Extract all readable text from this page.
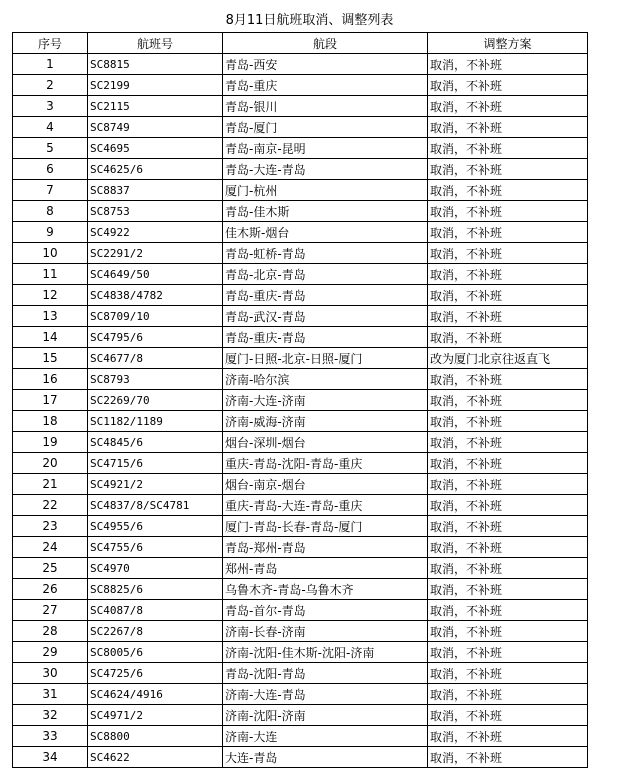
8月11日航班取消、调整列表
序号	航班号	航段	调整方案
1	SC8815	青岛-西安	取消，不补班
2	SC2199	青岛-重庆	取消，不补班
3	SC2115	青岛-银川	取消，不补班
4	SC8749	青岛-厦门	取消，不补班
5	SC4695	青岛-南京-昆明	取消，不补班
6	SC4625/6	青岛-大连-青岛	取消，不补班
7	SC8837	厦门-杭州	取消，不补班
8	SC8753	青岛-佳木斯	取消，不补班
9	SC4922	佳木斯-烟台	取消，不补班
10	SC2291/2	青岛-虹桥-青岛	取消，不补班
11	SC4649/50	青岛-北京-青岛	取消，不补班
12	SC4838/4782	青岛-重庆-青岛	取消，不补班
13	SC8709/10	青岛-武汉-青岛	取消，不补班
14	SC4795/6	青岛-重庆-青岛	取消，不补班
15	SC4677/8	厦门-日照-北京-日照-厦门	改为厦门北京往返直飞
16	SC8793	济南-哈尔滨	取消，不补班
17	SC2269/70	济南-大连-济南	取消，不补班
18	SC1182/1189	济南-威海-济南	取消，不补班
19	SC4845/6	烟台-深圳-烟台	取消，不补班
20	SC4715/6	重庆-青岛-沈阳-青岛-重庆	取消，不补班
21	SC4921/2	烟台-南京-烟台	取消，不补班
22	SC4837/8/SC4781	重庆-青岛-大连-青岛-重庆	取消，不补班
23	SC4955/6	厦门-青岛-长春-青岛-厦门	取消，不补班
24	SC4755/6	青岛-郑州-青岛	取消，不补班
25	SC4970	郑州-青岛	取消，不补班
26	SC8825/6	乌鲁木齐-青岛-乌鲁木齐	取消，不补班
27	SC4087/8	青岛-首尔-青岛	取消，不补班
28	SC2267/8	济南-长春-济南	取消，不补班
29	SC8005/6	济南-沈阳-佳木斯-沈阳-济南	取消，不补班
30	SC4725/6	青岛-沈阳-青岛	取消，不补班
31	SC4624/4916	济南-大连-青岛	取消，不补班
32	SC4971/2	济南-沈阳-济南	取消，不补班
33	SC8800	济南-大连	取消，不补班
34	SC4622	大连-青岛	取消，不补班
